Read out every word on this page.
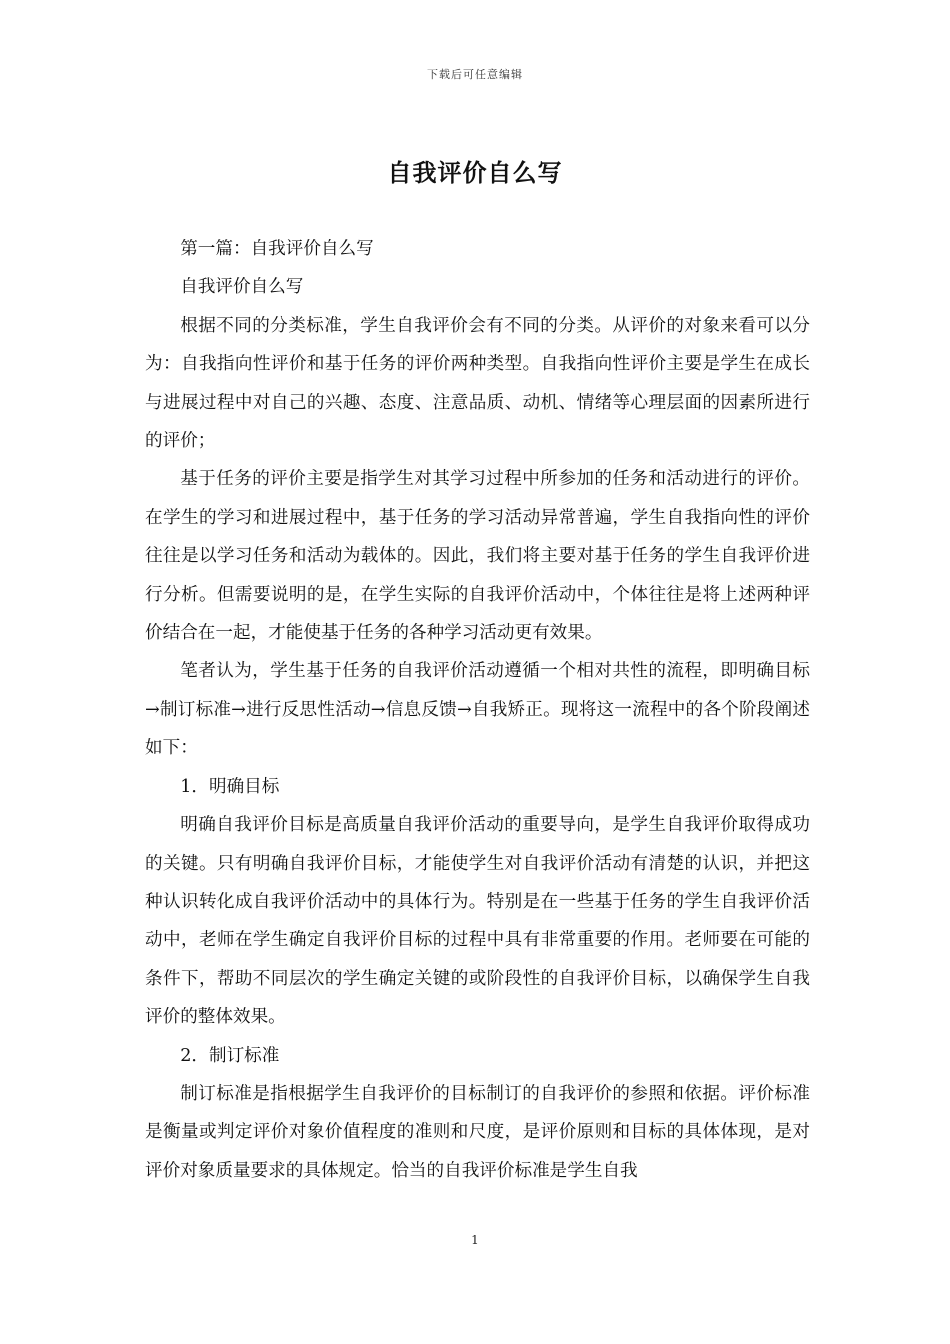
下载后可任意编辑
自我评价自么写

第一篇：自我评价自么写

自我评价自么写

根据不同的分类标准，学生自我评价会有不同的分类。从评价的对象来看可以分为：自我指向性评价和基于任务的评价两种类型。自我指向性评价主要是学生在成长与进展过程中对自己的兴趣、态度、注意品质、动机、情绪等心理层面的因素所进行的评价；

基于任务的评价主要是指学生对其学习过程中所参加的任务和活动进行的评价。在学生的学习和进展过程中，基于任务的学习活动异常普遍，学生自我指向性的评价往往是以学习任务和活动为载体的。因此，我们将主要对基于任务的学生自我评价进行分析。但需要说明的是，在学生实际的自我评价活动中，个体往往是将上述两种评价结合在一起，才能使基于任务的各种学习活动更有效果。

笔者认为，学生基于任务的自我评价活动遵循一个相对共性的流程，即明确目标→制订标准→进行反思性活动→信息反馈→自我矫正。现将这一流程中的各个阶段阐述如下：

1．明确目标

明确自我评价目标是高质量自我评价活动的重要导向，是学生自我评价取得成功的关键。只有明确自我评价目标，才能使学生对自我评价活动有清楚的认识，并把这种认识转化成自我评价活动中的具体行为。特别是在一些基于任务的学生自我评价活动中，老师在学生确定自我评价目标的过程中具有非常重要的作用。老师要在可能的条件下，帮助不同层次的学生确定关键的或阶段性的自我评价目标，以确保学生自我评价的整体效果。

2．制订标准

制订标准是指根据学生自我评价的目标制订的自我评价的参照和依据。评价标准是衡量或判定评价对象价值程度的准则和尺度，是评价原则和目标的具体体现，是对评价对象质量要求的具体规定。恰当的自我评价标准是学生自我

1
